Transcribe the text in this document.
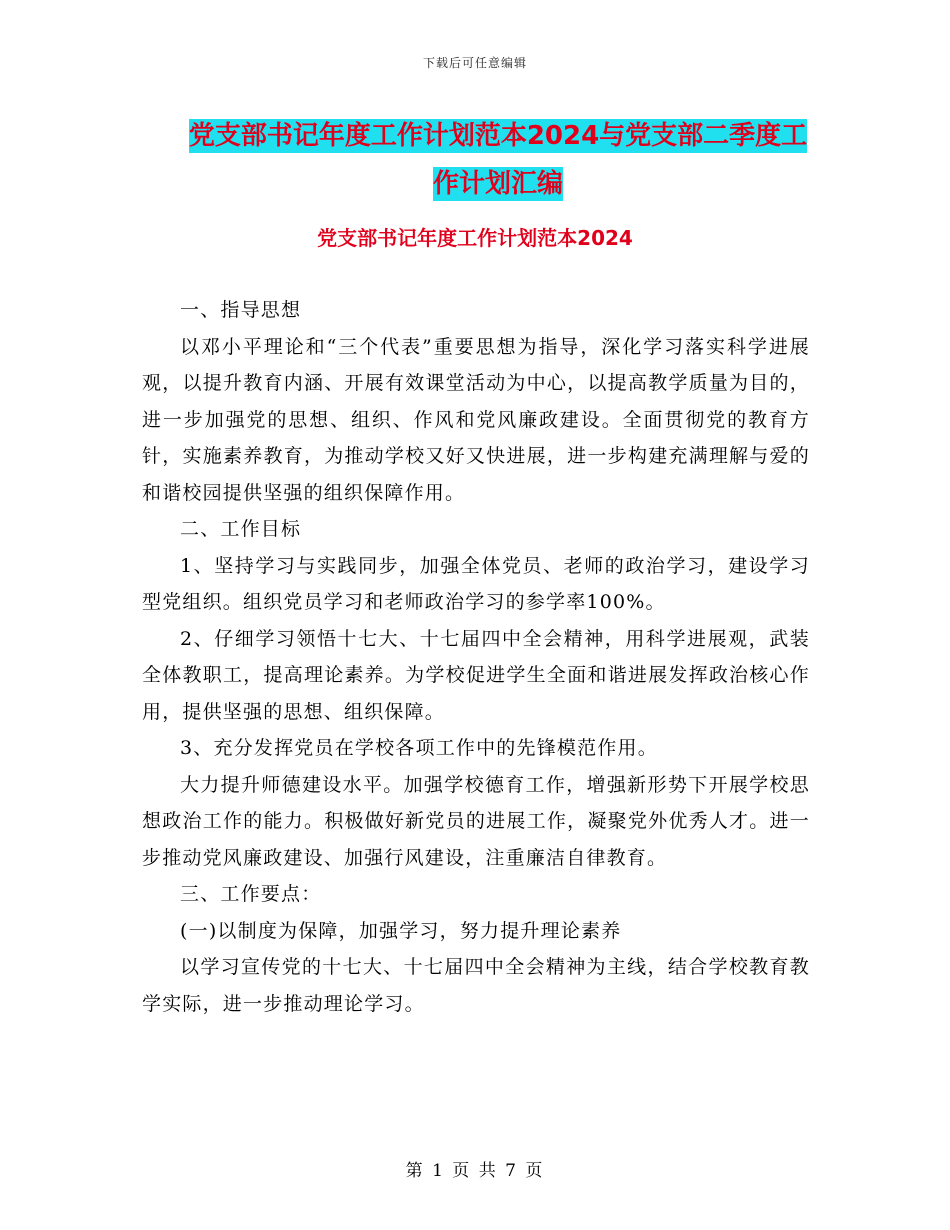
下载后可任意编辑
党支部书记年度工作计划范本2024与党支部二季度工
作计划汇编
党支部书记年度工作计划范本2024

一、指导思想

以邓小平理论和“三个代表”重要思想为指导，深化学习落实科学进展观，以提升教育内涵、开展有效课堂活动为中心，以提高教学质量为目的，进一步加强党的思想、组织、作风和党风廉政建设。全面贯彻党的教育方针，实施素养教育，为推动学校又好又快进展，进一步构建充满理解与爱的和谐校园提供坚强的组织保障作用。

二、工作目标

1、坚持学习与实践同步，加强全体党员、老师的政治学习，建设学习型党组织。组织党员学习和老师政治学习的参学率100%。

2、仔细学习领悟十七大、十七届四中全会精神，用科学进展观，武装全体教职工，提高理论素养。为学校促进学生全面和谐进展发挥政治核心作用，提供坚强的思想、组织保障。

3、充分发挥党员在学校各项工作中的先锋模范作用。

大力提升师德建设水平。加强学校德育工作，增强新形势下开展学校思想政治工作的能力。积极做好新党员的进展工作，凝聚党外优秀人才。进一步推动党风廉政建设、加强行风建设，注重廉洁自律教育。

三、工作要点：

(一)以制度为保障，加强学习，努力提升理论素养

以学习宣传党的十七大、十七届四中全会精神为主线，结合学校教育教学实际，进一步推动理论学习。

第 1 页 共 7 页
